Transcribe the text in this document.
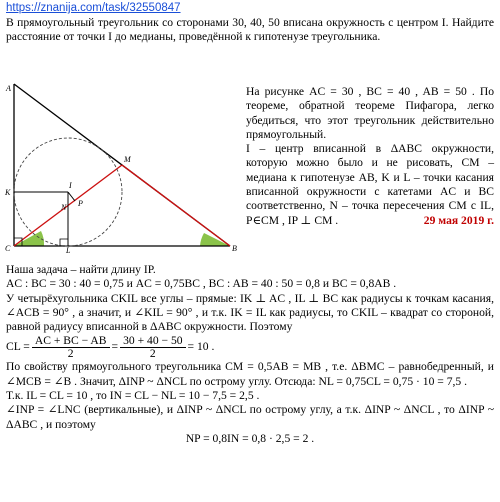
https://znanija.com/task/32550847

В прямоугольный треугольник со сторонами 30, 40, 50 вписана окружность с центром I. Найдите расстояние от точки I до медианы, проведённой к гипотенузе треугольника.

A
C	B
M
I
K
L
N P

На рисунке AC = 30 , BC = 40 , AB = 50 . По теореме, обратной теореме Пифагора, легко убедиться, что этот треугольник действительно прямоугольный.

I – центр вписанной в ΔABC окружности, которую можно было и не рисовать, CM – медиана к гипотенузе AB, K и L – точки касания вписанной окружности с катетами AC и BC соответственно, N – точка пересечения CM с IL, P∈CM , IP ⊥ CM .	29 мая 2019 г.

Наша задача – найти длину IP.

AC : BC = 30 : 40 = 0,75 и AC = 0,75BC , BC : AB = 40 : 50 = 0,8 и BC = 0,8AB .

У четырёхугольника CKIL все углы – прямые: IK ⊥ AC , IL ⊥ BC как радиусы к точкам касания, ∠ACB = 90° , а значит, и ∠KIL = 90° , и т.к. IK = IL как радиусы, то CKIL – квадрат со стороной, равной радиусу вписанной в ΔABC окружности. Поэтому

CL = $\frac{AC + BC - AB}{2} = \frac{30 + 40 - 50}{2} = 10$ .

По свойству прямоугольного треугольника CM = 0,5AB = MB , т.е. ΔBMC – равнобедренный, и ∠MCB = ∠B . Значит, ΔINP ~ ΔNCL по острому углу. Отсюда: NL = 0,75CL = 0,75 · 10 = 7,5 .

Т.к. IL = CL = 10 , то IN = CL − NL = 10 − 7,5 = 2,5 .

∠INP = ∠LNC (вертикальные), и ΔINP ~ ΔNCL по острому углу, а т.к. ΔINP ~ ΔNCL , то ΔINP ~ ΔABC , и поэтому

NP = 0,8IN = 0,8 · 2,5 = 2 .
